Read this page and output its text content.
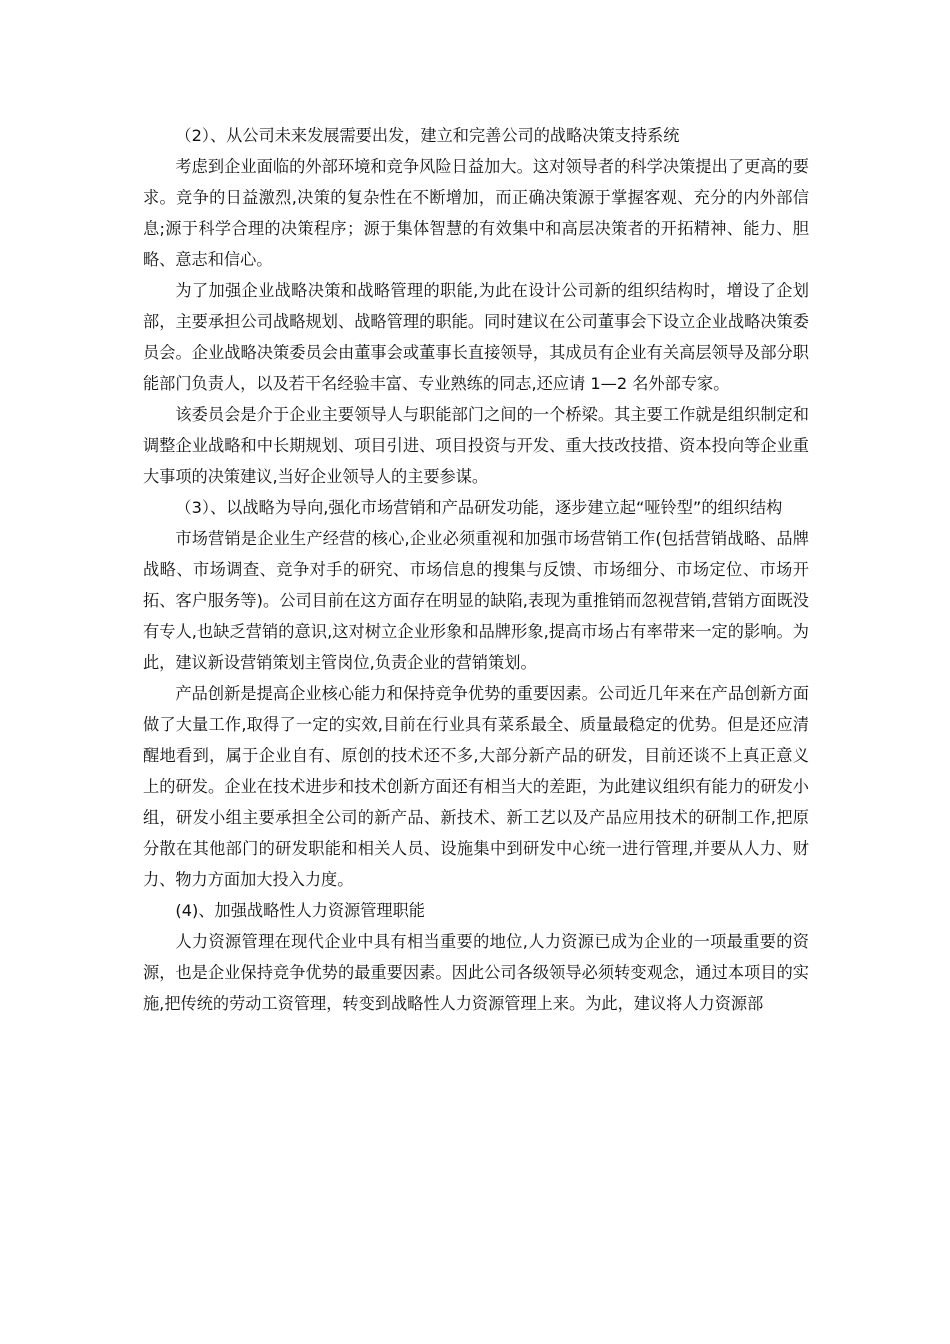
（2）、从公司未来发展需要出发，建立和完善公司的战略决策支持系统

考虑到企业面临的外部环境和竞争风险日益加大。这对领导者的科学决策提出了更高的要求。竞争的日益激烈,决策的复杂性在不断增加，而正确决策源于掌握客观、充分的内外部信息;源于科学合理的决策程序；源于集体智慧的有效集中和高层决策者的开拓精神、能力、胆略、意志和信心。

为了加强企业战略决策和战略管理的职能,为此在设计公司新的组织结构时，增设了企划部，主要承担公司战略规划、战略管理的职能。同时建议在公司董事会下设立企业战略决策委员会。企业战略决策委员会由董事会或董事长直接领导，其成员有企业有关高层领导及部分职能部门负责人，以及若干名经验丰富、专业熟练的同志,还应请 1—2 名外部专家。

该委员会是介于企业主要领导人与职能部门之间的一个桥梁。其主要工作就是组织制定和调整企业战略和中长期规划、项目引进、项目投资与开发、重大技改技措、资本投向等企业重大事项的决策建议,当好企业领导人的主要参谋。

（3）、以战略为导向,强化市场营销和产品研发功能，逐步建立起“哑铃型”的组织结构

市场营销是企业生产经营的核心,企业必须重视和加强市场营销工作(包括营销战略、品牌战略、市场调查、竞争对手的研究、市场信息的搜集与反馈、市场细分、市场定位、市场开拓、客户服务等)。公司目前在这方面存在明显的缺陷,表现为重推销而忽视营销,营销方面既没有专人,也缺乏营销的意识,这对树立企业形象和品牌形象,提高市场占有率带来一定的影响。为此，建议新设营销策划主管岗位,负责企业的营销策划。

产品创新是提高企业核心能力和保持竞争优势的重要因素。公司近几年来在产品创新方面做了大量工作,取得了一定的实效,目前在行业具有菜系最全、质量最稳定的优势。但是还应清醒地看到，属于企业自有、原创的技术还不多,大部分新产品的研发，目前还谈不上真正意义上的研发。企业在技术进步和技术创新方面还有相当大的差距，为此建议组织有能力的研发小组，研发小组主要承担全公司的新产品、新技术、新工艺以及产品应用技术的研制工作,把原分散在其他部门的研发职能和相关人员、设施集中到研发中心统一进行管理,并要从人力、财力、物力方面加大投入力度。

(4)、加强战略性人力资源管理职能

人力资源管理在现代企业中具有相当重要的地位,人力资源已成为企业的一项最重要的资源，也是企业保持竞争优势的最重要因素。因此公司各级领导必须转变观念，通过本项目的实施,把传统的劳动工资管理，转变到战略性人力资源管理上来。为此，建议将人力资源部
